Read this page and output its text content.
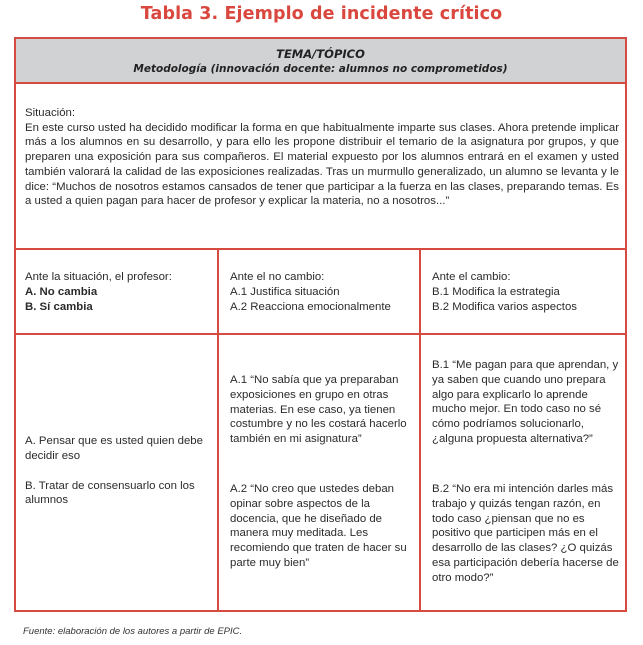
Tabla 3. Ejemplo de incidente crítico
TEMA/TÓPICO
Metodología (innovación docente: alumnos no comprometidos)
Situación:
En este curso usted ha decidido modificar la forma en que habitualmente imparte sus clases. Ahora pretende implicar más a los alumnos en su desarrollo, y para ello les propone distribuir el temario de la asignatura por grupos, y que preparen una exposición para sus compañeros. El material expuesto por los alumnos entrará en el examen y usted también valorará la calidad de las exposiciones realizadas. Tras un murmullo generalizado, un alumno se levanta y le dice: “Muchos de nosotros estamos cansados de tener que participar a la fuerza en las clases, preparando temas. Es a usted a quien pagan para hacer de profesor y explicar la materia, no a nosotros...”
Ante la situación, el profesor:
A. No cambia
B. Sí cambia
Ante el no cambio:
A.1 Justifica situación
A.2 Reacciona emocionalmente
Ante el cambio:
B.1 Modifica la estrategia
B.2 Modifica varios aspectos
A. Pensar que es usted quien debe decidir eso
B. Tratar de consensuarlo con los alumnos
A.1 “No sabía que ya preparaban exposiciones en grupo en otras materias. En ese caso, ya tienen costumbre y no les costará hacerlo también en mi asignatura”
A.2 “No creo que ustedes deban opinar sobre aspectos de la docencia, que he diseñado de manera muy meditada. Les recomiendo que traten de hacer su parte muy bien”
B.1 “Me pagan para que aprendan, y ya saben que cuando uno prepara algo para explicarlo lo aprende mucho mejor. En todo caso no sé cómo podríamos solucionarlo, ¿alguna propuesta alternativa?”
B.2 “No era mi intención darles más trabajo y quizás tengan razón, en todo caso ¿piensan que no es positivo que participen más en el desarrollo de las clases? ¿O quizás esa participación debería hacerse de otro modo?”
Fuente: elaboración de los autores a partir de EPIC.
